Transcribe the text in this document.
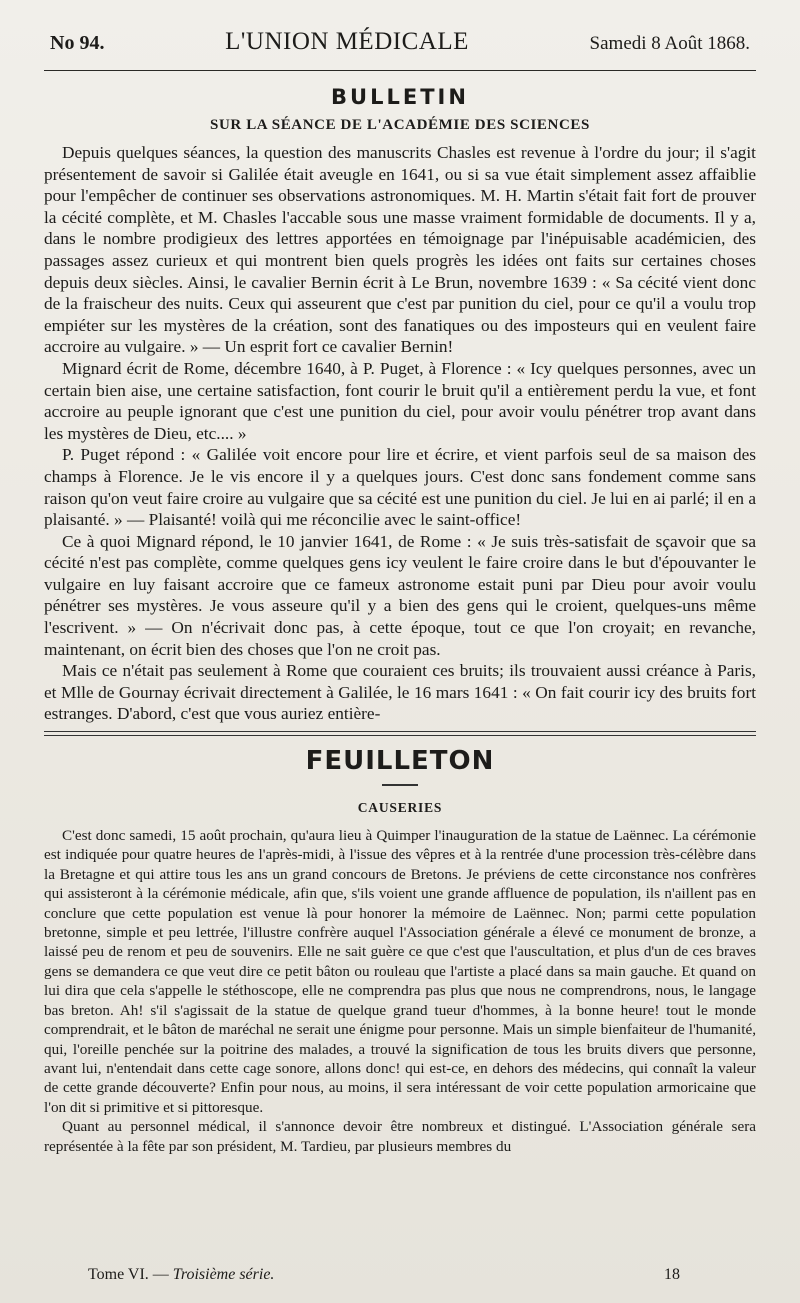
No 94.	L'UNION MÉDICALE	Samedi 8 Août 1868.
BULLETIN
SUR LA SÉANCE DE L'ACADÉMIE DES SCIENCES

Depuis quelques séances, la question des manuscrits Chasles est revenue à l'ordre du jour; il s'agit présentement de savoir si Galilée était aveugle en 1641, ou si sa vue était simplement assez affaiblie pour l'empêcher de continuer ses observations astronomiques. M. H. Martin s'était fait fort de prouver la cécité complète, et M. Chasles l'accable sous une masse vraiment formidable de documents. Il y a, dans le nombre prodigieux des lettres apportées en témoignage par l'inépuisable académicien, des passages assez curieux et qui montrent bien quels progrès les idées ont faits sur certaines choses depuis deux siècles. Ainsi, le cavalier Bernin écrit à Le Brun, novembre 1639 : « Sa cécité vient donc de la fraischeur des nuits. Ceux qui asseurent que c'est par punition du ciel, pour ce qu'il a voulu trop empiéter sur les mystères de la création, sont des fanatiques ou des imposteurs qui en veulent faire accroire au vulgaire. » — Un esprit fort ce cavalier Bernin!

Mignard écrit de Rome, décembre 1640, à P. Puget, à Florence : « Icy quelques personnes, avec un certain bien aise, une certaine satisfaction, font courir le bruit qu'il a entièrement perdu la vue, et font accroire au peuple ignorant que c'est une punition du ciel, pour avoir voulu pénétrer trop avant dans les mystères de Dieu, etc.... »

P. Puget répond : « Galilée voit encore pour lire et écrire, et vient parfois seul de sa maison des champs à Florence. Je le vis encore il y a quelques jours. C'est donc sans fondement comme sans raison qu'on veut faire croire au vulgaire que sa cécité est une punition du ciel. Je lui en ai parlé; il en a plaisanté. » — Plaisanté! voilà qui me réconcilie avec le saint-office!

Ce à quoi Mignard répond, le 10 janvier 1641, de Rome : « Je suis très-satisfait de sçavoir que sa cécité n'est pas complète, comme quelques gens icy veulent le faire croire dans le but d'épouvanter le vulgaire en luy faisant accroire que ce fameux astronome estait puni par Dieu pour avoir voulu pénétrer ses mystères. Je vous asseure qu'il y a bien des gens qui le croient, quelques-uns même l'escrivent. » — On n'écrivait donc pas, à cette époque, tout ce que l'on croyait; en revanche, maintenant, on écrit bien des choses que l'on ne croit pas.

Mais ce n'était pas seulement à Rome que couraient ces bruits; ils trouvaient aussi créance à Paris, et Mlle de Gournay écrivait directement à Galilée, le 16 mars 1641 : « On fait courir icy des bruits fort estranges. D'abord, c'est que vous auriez entière-

FEUILLETON
CAUSERIES

C'est donc samedi, 15 août prochain, qu'aura lieu à Quimper l'inauguration de la statue de Laënnec. La cérémonie est indiquée pour quatre heures de l'après-midi, à l'issue des vêpres et à la rentrée d'une procession très-célèbre dans la Bretagne et qui attire tous les ans un grand concours de Bretons. Je préviens de cette circonstance nos confrères qui assisteront à la cérémonie médicale, afin que, s'ils voient une grande affluence de population, ils n'aillent pas en conclure que cette population est venue là pour honorer la mémoire de Laënnec. Non; parmi cette population bretonne, simple et peu lettrée, l'illustre confrère auquel l'Association générale a élevé ce monument de bronze, a laissé peu de renom et peu de souvenirs. Elle ne sait guère ce que c'est que l'auscultation, et plus d'un de ces braves gens se demandera ce que veut dire ce petit bâton ou rouleau que l'artiste a placé dans sa main gauche. Et quand on lui dira que cela s'appelle le stéthoscope, elle ne comprendra pas plus que nous ne comprendrons, nous, le langage bas breton. Ah! s'il s'agissait de la statue de quelque grand tueur d'hommes, à la bonne heure! tout le monde comprendrait, et le bâton de maréchal ne serait une énigme pour personne. Mais un simple bienfaiteur de l'humanité, qui, l'oreille penchée sur la poitrine des malades, a trouvé la signification de tous les bruits divers que personne, avant lui, n'entendait dans cette cage sonore, allons donc! qui est-ce, en dehors des médecins, qui connaît la valeur de cette grande découverte? Enfin pour nous, au moins, il sera intéressant de voir cette population armoricaine que l'on dit si primitive et si pittoresque.

Quant au personnel médical, il s'annonce devoir être nombreux et distingué. L'Association générale sera représentée à la fête par son président, M. Tardieu, par plusieurs membres du

Tome VI. — Troisième série.	18
